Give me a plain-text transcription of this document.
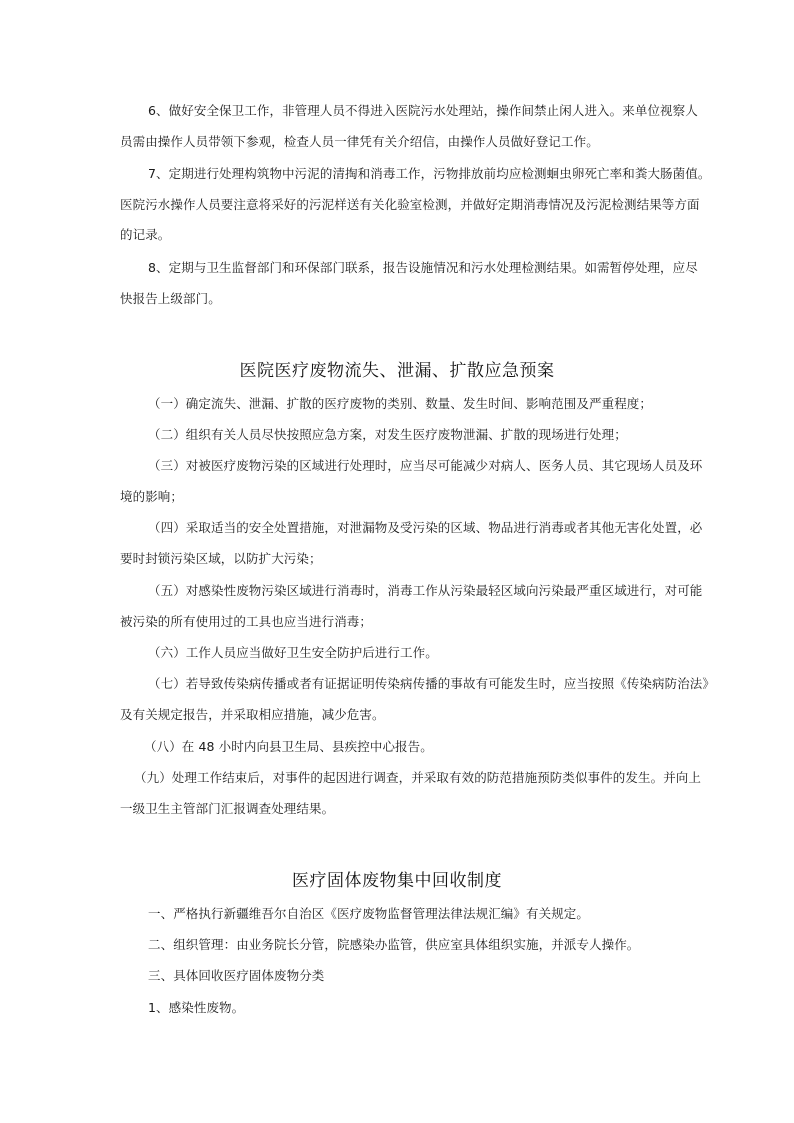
6、做好安全保卫工作，非管理人员不得进入医院污水处理站，操作间禁止闲人进入。来单位视察人
员需由操作人员带领下参观，检查人员一律凭有关介绍信，由操作人员做好登记工作。
7、定期进行处理构筑物中污泥的清掏和消毒工作，污物排放前均应检测蛔虫卵死亡率和粪大肠菌值。
医院污水操作人员要注意将采好的污泥样送有关化验室检测，并做好定期消毒情况及污泥检测结果等方面
的记录。
8、定期与卫生监督部门和环保部门联系，报告设施情况和污水处理检测结果。如需暂停处理，应尽
快报告上级部门。
医院医疗废物流失、泄漏、扩散应急预案
（一）确定流失、泄漏、扩散的医疗废物的类别、数量、发生时间、影响范围及严重程度；
（二）组织有关人员尽快按照应急方案，对发生医疗废物泄漏、扩散的现场进行处理；
（三）对被医疗废物污染的区域进行处理时，应当尽可能减少对病人、医务人员、其它现场人员及环
境的影响；
（四）采取适当的安全处置措施，对泄漏物及受污染的区域、物品进行消毒或者其他无害化处置，必
要时封锁污染区域，以防扩大污染；
（五）对感染性废物污染区域进行消毒时，消毒工作从污染最轻区域向污染最严重区域进行，对可能
被污染的所有使用过的工具也应当进行消毒；
（六）工作人员应当做好卫生安全防护后进行工作。
（七）若导致传染病传播或者有证据证明传染病传播的事故有可能发生时，应当按照《传染病防治法》
及有关规定报告，并采取相应措施，减少危害。
（八）在 48 小时内向县卫生局、县疾控中心报告。
（九）处理工作结束后，对事件的起因进行调查，并采取有效的防范措施预防类似事件的发生。并向上
一级卫生主管部门汇报调查处理结果。
医疗固体废物集中回收制度
一、严格执行新疆维吾尔自治区《医疗废物监督管理法律法规汇编》有关规定。
二、组织管理：由业务院长分管，院感染办监管，供应室具体组织实施，并派专人操作。
三、具体回收医疗固体废物分类
1、感染性废物。
